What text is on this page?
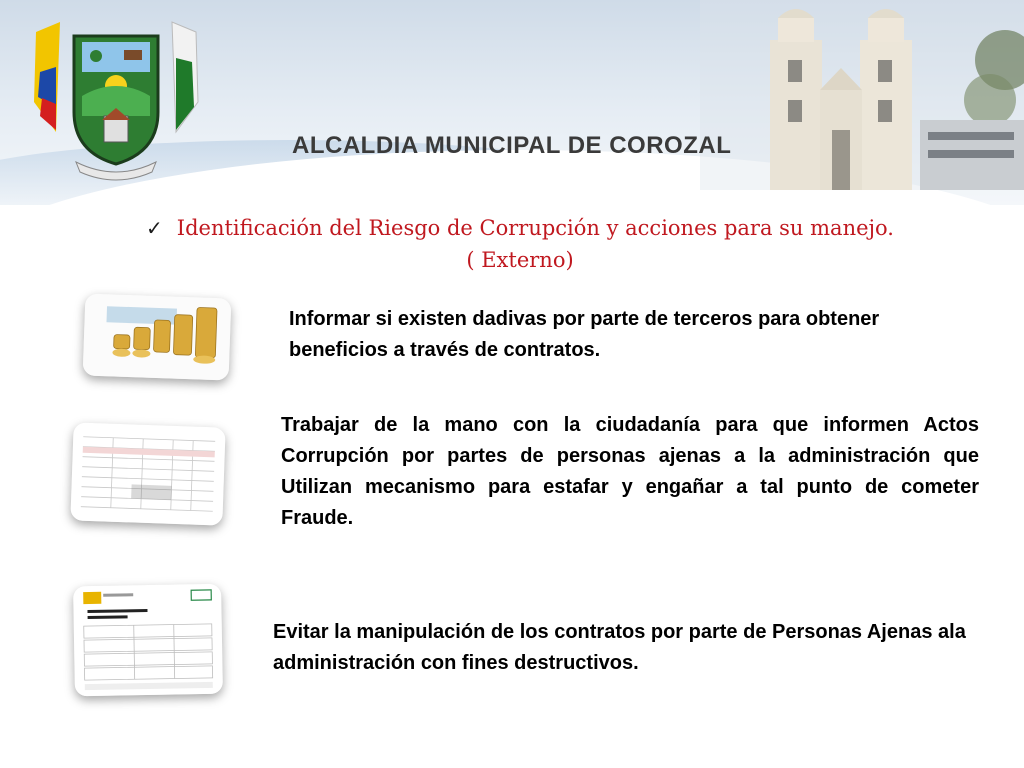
ALCALDIA MUNICIPAL DE COROZAL
✓ Identificación del Riesgo de Corrupción y acciones para su manejo.
( Externo)
Informar si existen dadivas por parte de terceros para obtener beneficios a través de contratos.
Trabajar de la mano con la ciudadanía para que informen Actos Corrupción por partes de personas ajenas a la administración que Utilizan mecanismo para estafar y engañar a tal punto de cometer Fraude.
Evitar la manipulación de los contratos por parte de Personas Ajenas ala administración con fines destructivos.
